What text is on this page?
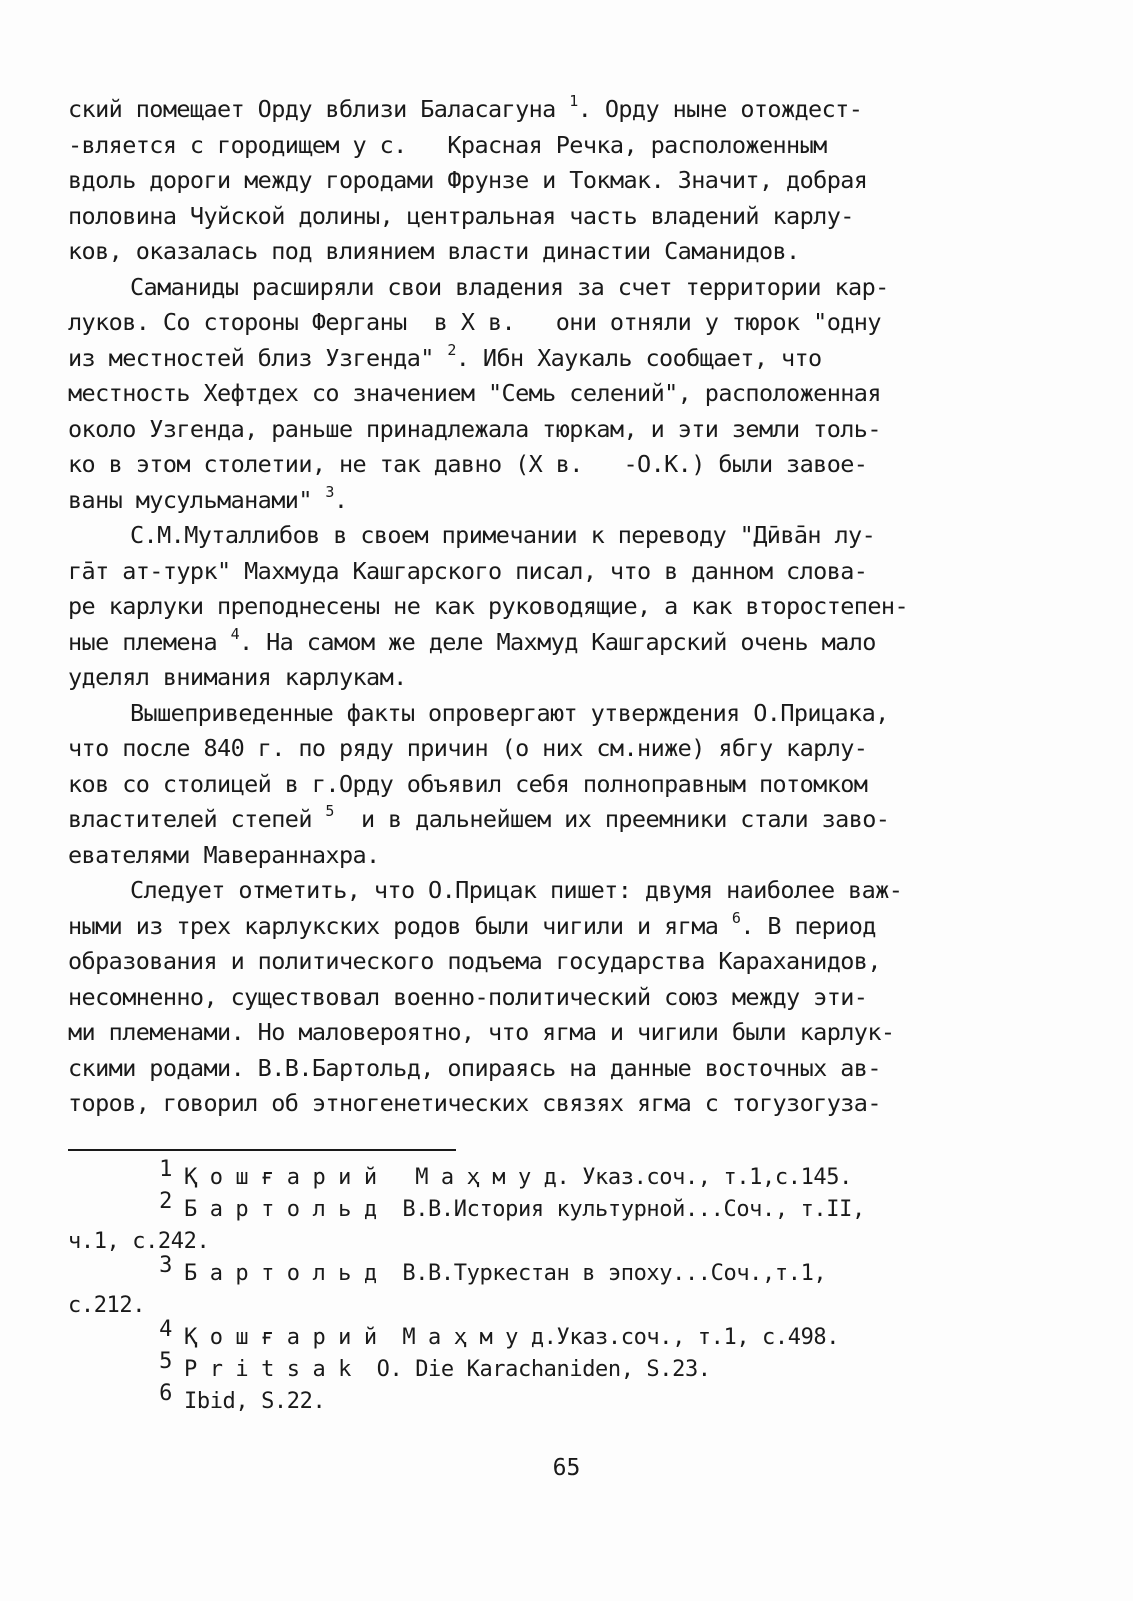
ский помещает Орду вблизи Баласагуна $^1$. Орду ныне отождест-
-вляется с городищем у с.   Красная Речка, расположенным
вдоль дороги между городами Фрунзе и Токмак. Значит, добрая
половина Чуйской долины, центральная часть владений карлу-
ков, оказалась под влиянием власти династии Саманидов.
Саманиды расширяли свои владения за счет территории кар-
луков. Со стороны Ферганы  в X в.   они отняли у тюрок "одну
из местностей близ Узгенда" $^2$. Ибн Хаукаль сообщает, что
местность Хефтдех со значением "Семь селений", расположенная
около Узгенда, раньше принадлежала тюркам, и эти земли толь-
ко в этом столетии, не так давно (X в.   -О.К.) были завое-
ваны мусульманами" $^3$.
С.М.Муталлибов в своем примечании к переводу "Дӣвāн лу-
гāт ат-турк" Махмуда Кашгарского писал, что в данном слова-
ре карлуки преподнесены не как руководящие, а как второстепен-
ные племена $^4$. На самом же деле Махмуд Кашгарский очень мало
уделял внимания карлукам.
Вышеприведенные факты опровергают утверждения О.Прицака,
что после 840 г. по ряду причин (о них см.ниже) ябгу карлу-
ков со столицей в г.Орду объявил себя полноправным потомком
властителей степей $^5$  и в дальнейшем их преемники стали заво-
евателями Мавераннахра.
Следует отметить, что О.Прицак пишет: двумя наиболее важ-
ными из трех карлукских родов были чигили и ягма $^6$. В период
образования и политического подъема государства Караханидов,
несомненно, существовал военно-политический союз между эти-
ми племенами. Но маловероятно, что ягма и чигили были карлук-
скими родами. В.В.Бартольд, опираясь на данные восточных ав-
торов, говорил об этногенетических связях ягма с тогузогуза-
$^1$ Қ о ш ғ а р и й   М а ҳ м у д. Указ.соч., т.1,с.145.
$^2$ Б а р т о л ь д  В.В.История культурной...Соч., т.II,
ч.1, с.242.
$^3$ Б а р т о л ь д  В.В.Туркестан в эпоху...Соч.,т.1,
с.212.
$^4$ Қ о ш ғ а р и й  М а ҳ м у д.Указ.соч., т.1, с.498.
$^5$ P r i t s a k  O. Die Karachaniden, S.23.
$^6$ Ibid, S.22.
65
